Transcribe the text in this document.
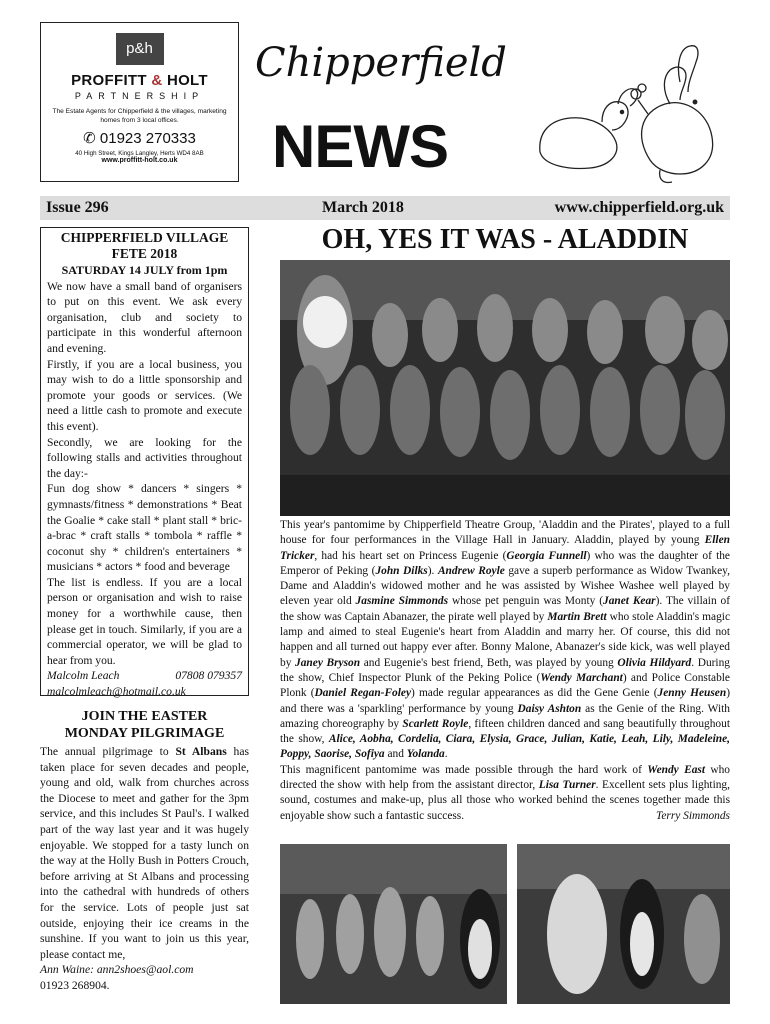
p&h
PROFFITT & HOLT
PARTNERSHIP
The Estate Agents for Chipperfield & the villages, marketing homes from 3 local offices.
✆ 01923 270333
40 High Street, Kings Langley, Herts WD4 8AB
www.proffitt-holt.co.uk
Chipperfield
NEWS
Issue 296	March 2018	www.chipperfield.org.uk
CHIPPERFIELD VILLAGE
FETE 2018
SATURDAY 14 JULY from 1pm

We now have a small band of organisers to put on this event. We ask every organisation, club and society to participate in this wonderful afternoon and evening.

Firstly, if you are a local business, you may wish to do a little sponsorship and promote your goods or services. (We need a little cash to promote and execute this event).

Secondly, we are looking for the following stalls and activities throughout the day:-

Fun dog show * dancers * singers * gymnasts/fitness * demonstrations * Beat the Goalie * cake stall * plant stall * bric-a-brac * craft stalls * tombola * raffle * coconut shy * children's entertainers * musicians * actors * food and beverage

The list is endless. If you are a local person or organisation and wish to raise money for a worthwhile cause, then please get in touch. Similarly, if you are a commercial operator, we will be glad to hear from you.

Malcolm Leach	07808 079357

malcolmleach@hotmail.co.uk

JOIN THE EASTER
MONDAY PILGRIMAGE

The annual pilgrimage to St Albans has taken place for seven decades and people, young and old, walk from churches across the Diocese to meet and gather for the 3pm service, and this includes St Paul's. I walked part of the way last year and it was hugely enjoyable. We stopped for a tasty lunch on the way at the Holly Bush in Potters Crouch, before arriving at St Albans and processing into the cathedral with hundreds of others for the service. Lots of people just sat outside, enjoying their ice creams in the sunshine. If you want to join us this year, please contact me,

Ann Waine: ann2shoes@aol.com

01923 268904.

OH, YES IT WAS - ALADDIN

This year's pantomime by Chipperfield Theatre Group, 'Aladdin and the Pirates', played to a full house for four performances in the Village Hall in January. Aladdin, played by young Ellen Tricker, had his heart set on Princess Eugenie (Georgia Funnell) who was the daughter of the Emperor of Peking (John Dilks). Andrew Royle gave a superb performance as Widow Twankey, Dame and Aladdin's widowed mother and he was assisted by Wishee Washee well played by eleven year old Jasmine Simmonds whose pet penguin was Monty (Janet Kear). The villain of the show was Captain Abanazer, the pirate well played by Martin Brett who stole Aladdin's magic lamp and aimed to steal Eugenie's heart from Aladdin and marry her. Of course, this did not happen and all turned out happy ever after. Bonny Malone, Abanazer's side kick, was well played by Janey Bryson and Eugenie's best friend, Beth, was played by young Olivia Hildyard. During the show, Chief Inspector Plunk of the Peking Police (Wendy Marchant) and Police Constable Plonk (Daniel Regan-Foley) made regular appearances as did the Gene Genie (Jenny Heusen) and there was a 'sparkling' performance by young Daisy Ashton as the Genie of the Ring. With amazing choreography by Scarlett Royle, fifteen children danced and sang beautifully throughout the show, Alice, Aobha, Cordelia, Ciara, Elysia, Grace, Julian, Katie, Leah, Lily, Madeleine, Poppy, Saorise, Sofiya and Yolanda.

This magnificent pantomime was made possible through the hard work of Wendy East who directed the show with help from the assistant director, Lisa Turner. Excellent sets plus lighting, sound, costumes and make-up, plus all those who worked behind the scenes together made this enjoyable show such a fantastic success.	Terry Simmonds
